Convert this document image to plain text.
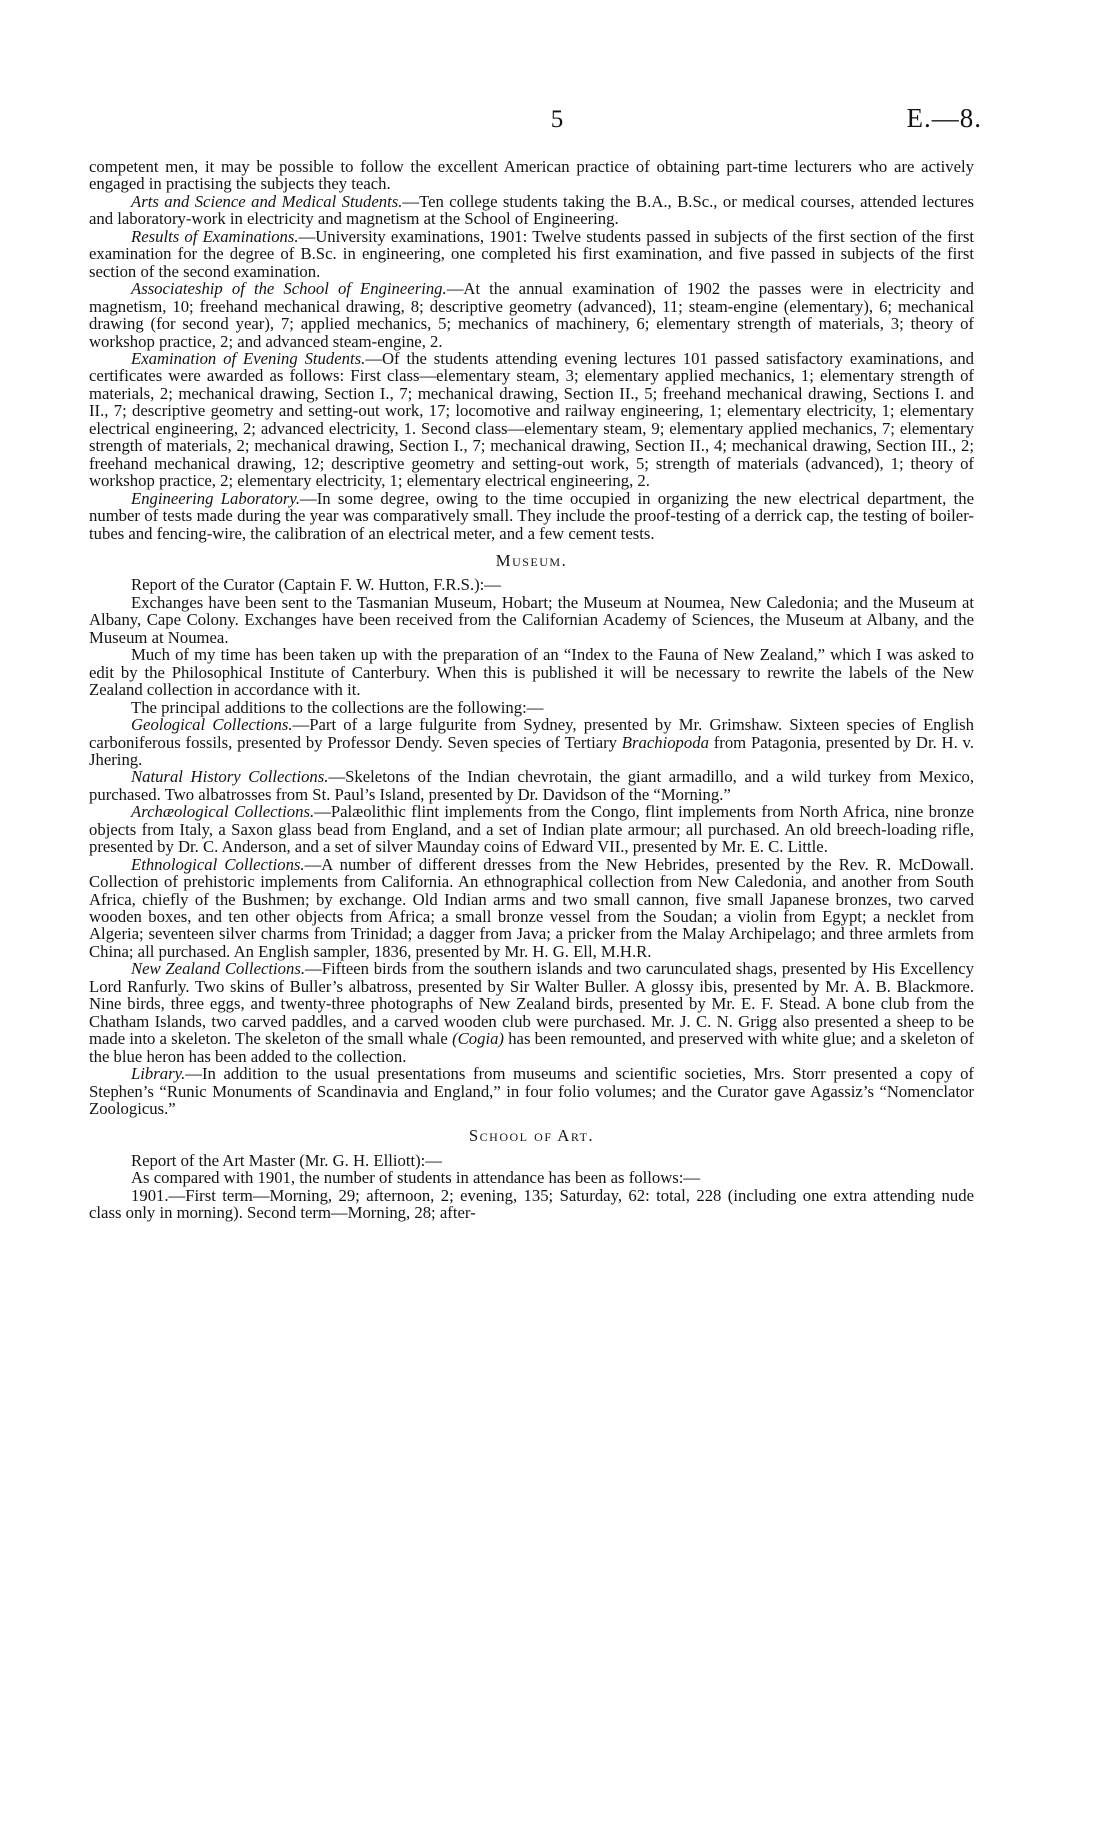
5	E.—8.

competent men, it may be possible to follow the excellent American practice of obtaining part-time lecturers who are actively engaged in practising the subjects they teach.

Arts and Science and Medical Students.—Ten college students taking the B.A., B.Sc., or medical courses, attended lectures and laboratory-work in electricity and magnetism at the School of Engineering.

Results of Examinations.—University examinations, 1901: Twelve students passed in subjects of the first section of the first examination for the degree of B.Sc. in engineering, one completed his first examination, and five passed in subjects of the first section of the second examination.

Associateship of the School of Engineering.—At the annual examination of 1902 the passes were in electricity and magnetism, 10; freehand mechanical drawing, 8; descriptive geometry (advanced), 11; steam-engine (elementary), 6; mechanical drawing (for second year), 7; applied mechanics, 5; mechanics of machinery, 6; elementary strength of materials, 3; theory of workshop practice, 2; and advanced steam-engine, 2.

Examination of Evening Students.—Of the students attending evening lectures 101 passed satisfactory examinations, and certificates were awarded as follows: First class—elementary steam, 3; elementary applied mechanics, 1; elementary strength of materials, 2; mechanical drawing, Section I., 7; mechanical drawing, Section II., 5; freehand mechanical drawing, Sections I. and II., 7; descriptive geometry and setting-out work, 17; locomotive and railway engineering, 1; elementary electricity, 1; elementary electrical engineering, 2; advanced electricity, 1. Second class—elementary steam, 9; elementary applied mechanics, 7; elementary strength of materials, 2; mechanical drawing, Section I., 7; mechanical drawing, Section II., 4; mechanical drawing, Section III., 2; freehand mechanical drawing, 12; descriptive geometry and setting-out work, 5; strength of materials (advanced), 1; theory of workshop practice, 2; elementary electricity, 1; elementary electrical engineering, 2.

Engineering Laboratory.—In some degree, owing to the time occupied in organizing the new electrical department, the number of tests made during the year was comparatively small. They include the proof-testing of a derrick cap, the testing of boiler-tubes and fencing-wire, the calibration of an electrical meter, and a few cement tests.

Museum.

Report of the Curator (Captain F. W. Hutton, F.R.S.):—

Exchanges have been sent to the Tasmanian Museum, Hobart; the Museum at Noumea, New Caledonia; and the Museum at Albany, Cape Colony. Exchanges have been received from the Californian Academy of Sciences, the Museum at Albany, and the Museum at Noumea.

Much of my time has been taken up with the preparation of an “Index to the Fauna of New Zealand,” which I was asked to edit by the Philosophical Institute of Canterbury. When this is published it will be necessary to rewrite the labels of the New Zealand collection in accordance with it.

The principal additions to the collections are the following:—

Geological Collections.—Part of a large fulgurite from Sydney, presented by Mr. Grimshaw. Sixteen species of English carboniferous fossils, presented by Professor Dendy. Seven species of Tertiary Brachiopoda from Patagonia, presented by Dr. H. v. Jhering.

Natural History Collections.—Skeletons of the Indian chevrotain, the giant armadillo, and a wild turkey from Mexico, purchased. Two albatrosses from St. Paul’s Island, presented by Dr. Davidson of the “Morning.”

Archæological Collections.—Palæolithic flint implements from the Congo, flint implements from North Africa, nine bronze objects from Italy, a Saxon glass bead from England, and a set of Indian plate armour; all purchased. An old breech-loading rifle, presented by Dr. C. Anderson, and a set of silver Maunday coins of Edward VII., presented by Mr. E. C. Little.

Ethnological Collections.—A number of different dresses from the New Hebrides, presented by the Rev. R. McDowall. Collection of prehistoric implements from California. An ethnographical collection from New Caledonia, and another from South Africa, chiefly of the Bushmen; by exchange. Old Indian arms and two small cannon, five small Japanese bronzes, two carved wooden boxes, and ten other objects from Africa; a small bronze vessel from the Soudan; a violin from Egypt; a necklet from Algeria; seventeen silver charms from Trinidad; a dagger from Java; a pricker from the Malay Archipelago; and three armlets from China; all purchased. An English sampler, 1836, presented by Mr. H. G. Ell, M.H.R.

New Zealand Collections.—Fifteen birds from the southern islands and two carunculated shags, presented by His Excellency Lord Ranfurly. Two skins of Buller’s albatross, presented by Sir Walter Buller. A glossy ibis, presented by Mr. A. B. Blackmore. Nine birds, three eggs, and twenty-three photographs of New Zealand birds, presented by Mr. E. F. Stead. A bone club from the Chatham Islands, two carved paddles, and a carved wooden club were purchased. Mr. J. C. N. Grigg also presented a sheep to be made into a skeleton. The skeleton of the small whale (Cogia) has been remounted, and preserved with white glue; and a skeleton of the blue heron has been added to the collection.

Library.—In addition to the usual presentations from museums and scientific societies, Mrs. Storr presented a copy of Stephen’s “Runic Monuments of Scandinavia and England,” in four folio volumes; and the Curator gave Agassiz’s “Nomenclator Zoologicus.”

School of Art.

Report of the Art Master (Mr. G. H. Elliott):—

As compared with 1901, the number of students in attendance has been as follows:—

1901.—First term—Morning, 29; afternoon, 2; evening, 135; Saturday, 62: total, 228 (including one extra attending nude class only in morning). Second term—Morning, 28; after-
